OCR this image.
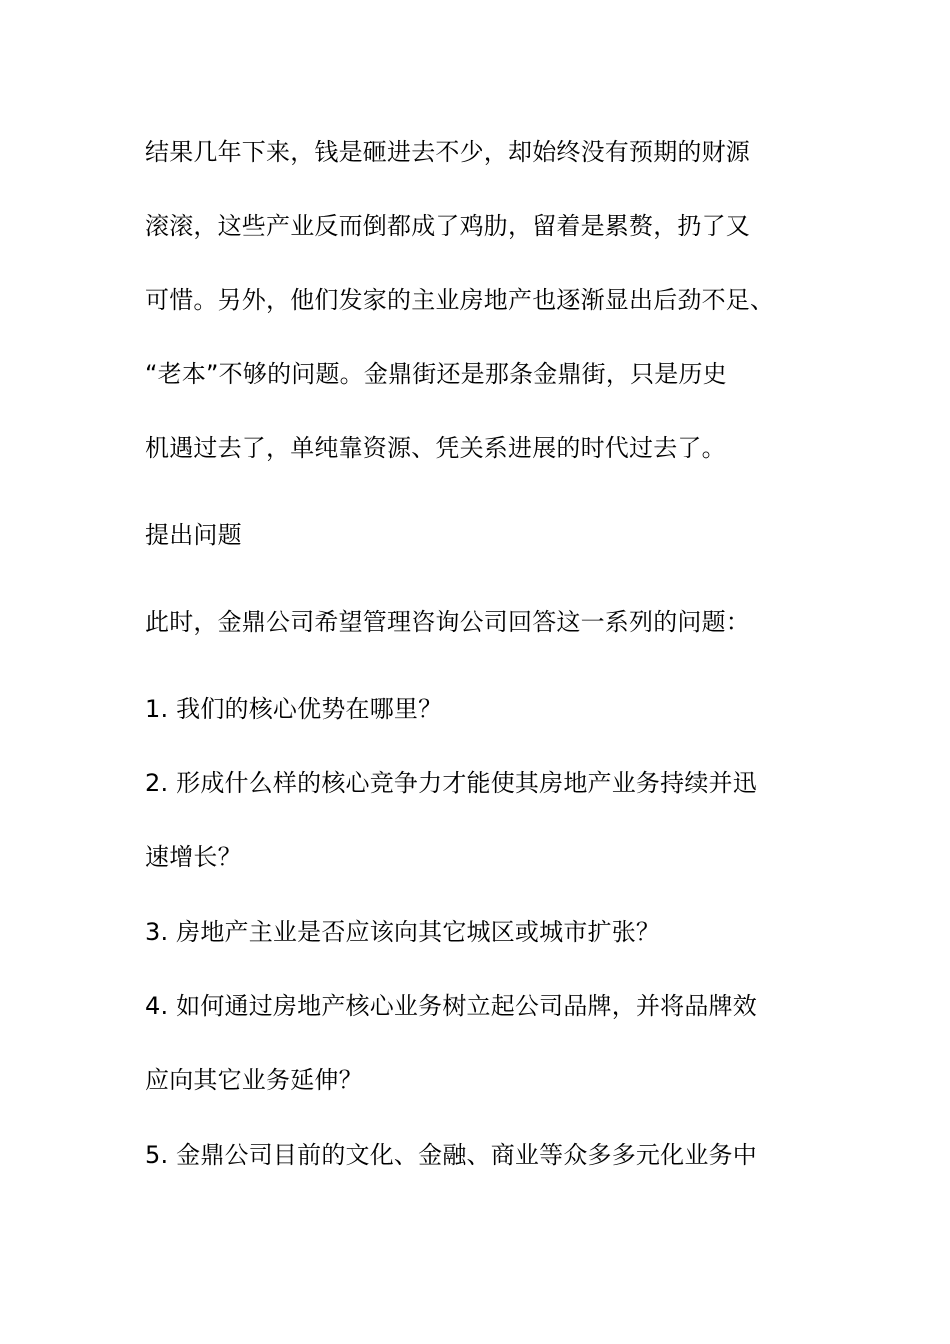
结果几年下来，钱是砸进去不少，却始终没有预期的财源
滚滚，这些产业反而倒都成了鸡肋，留着是累赘，扔了又
可惜。另外，他们发家的主业房地产也逐渐显出后劲不足、
“老本”不够的问题。金鼎街还是那条金鼎街，只是历史
机遇过去了，单纯靠资源、凭关系进展的时代过去了。
提出问题
此时，金鼎公司希望管理咨询公司回答这一系列的问题：
1. 我们的核心优势在哪里？
2. 形成什么样的核心竞争力才能使其房地产业务持续并迅
速增长？
3. 房地产主业是否应该向其它城区或城市扩张？
4. 如何通过房地产核心业务树立起公司品牌，并将品牌效
应向其它业务延伸？
5. 金鼎公司目前的文化、金融、商业等众多多元化业务中
